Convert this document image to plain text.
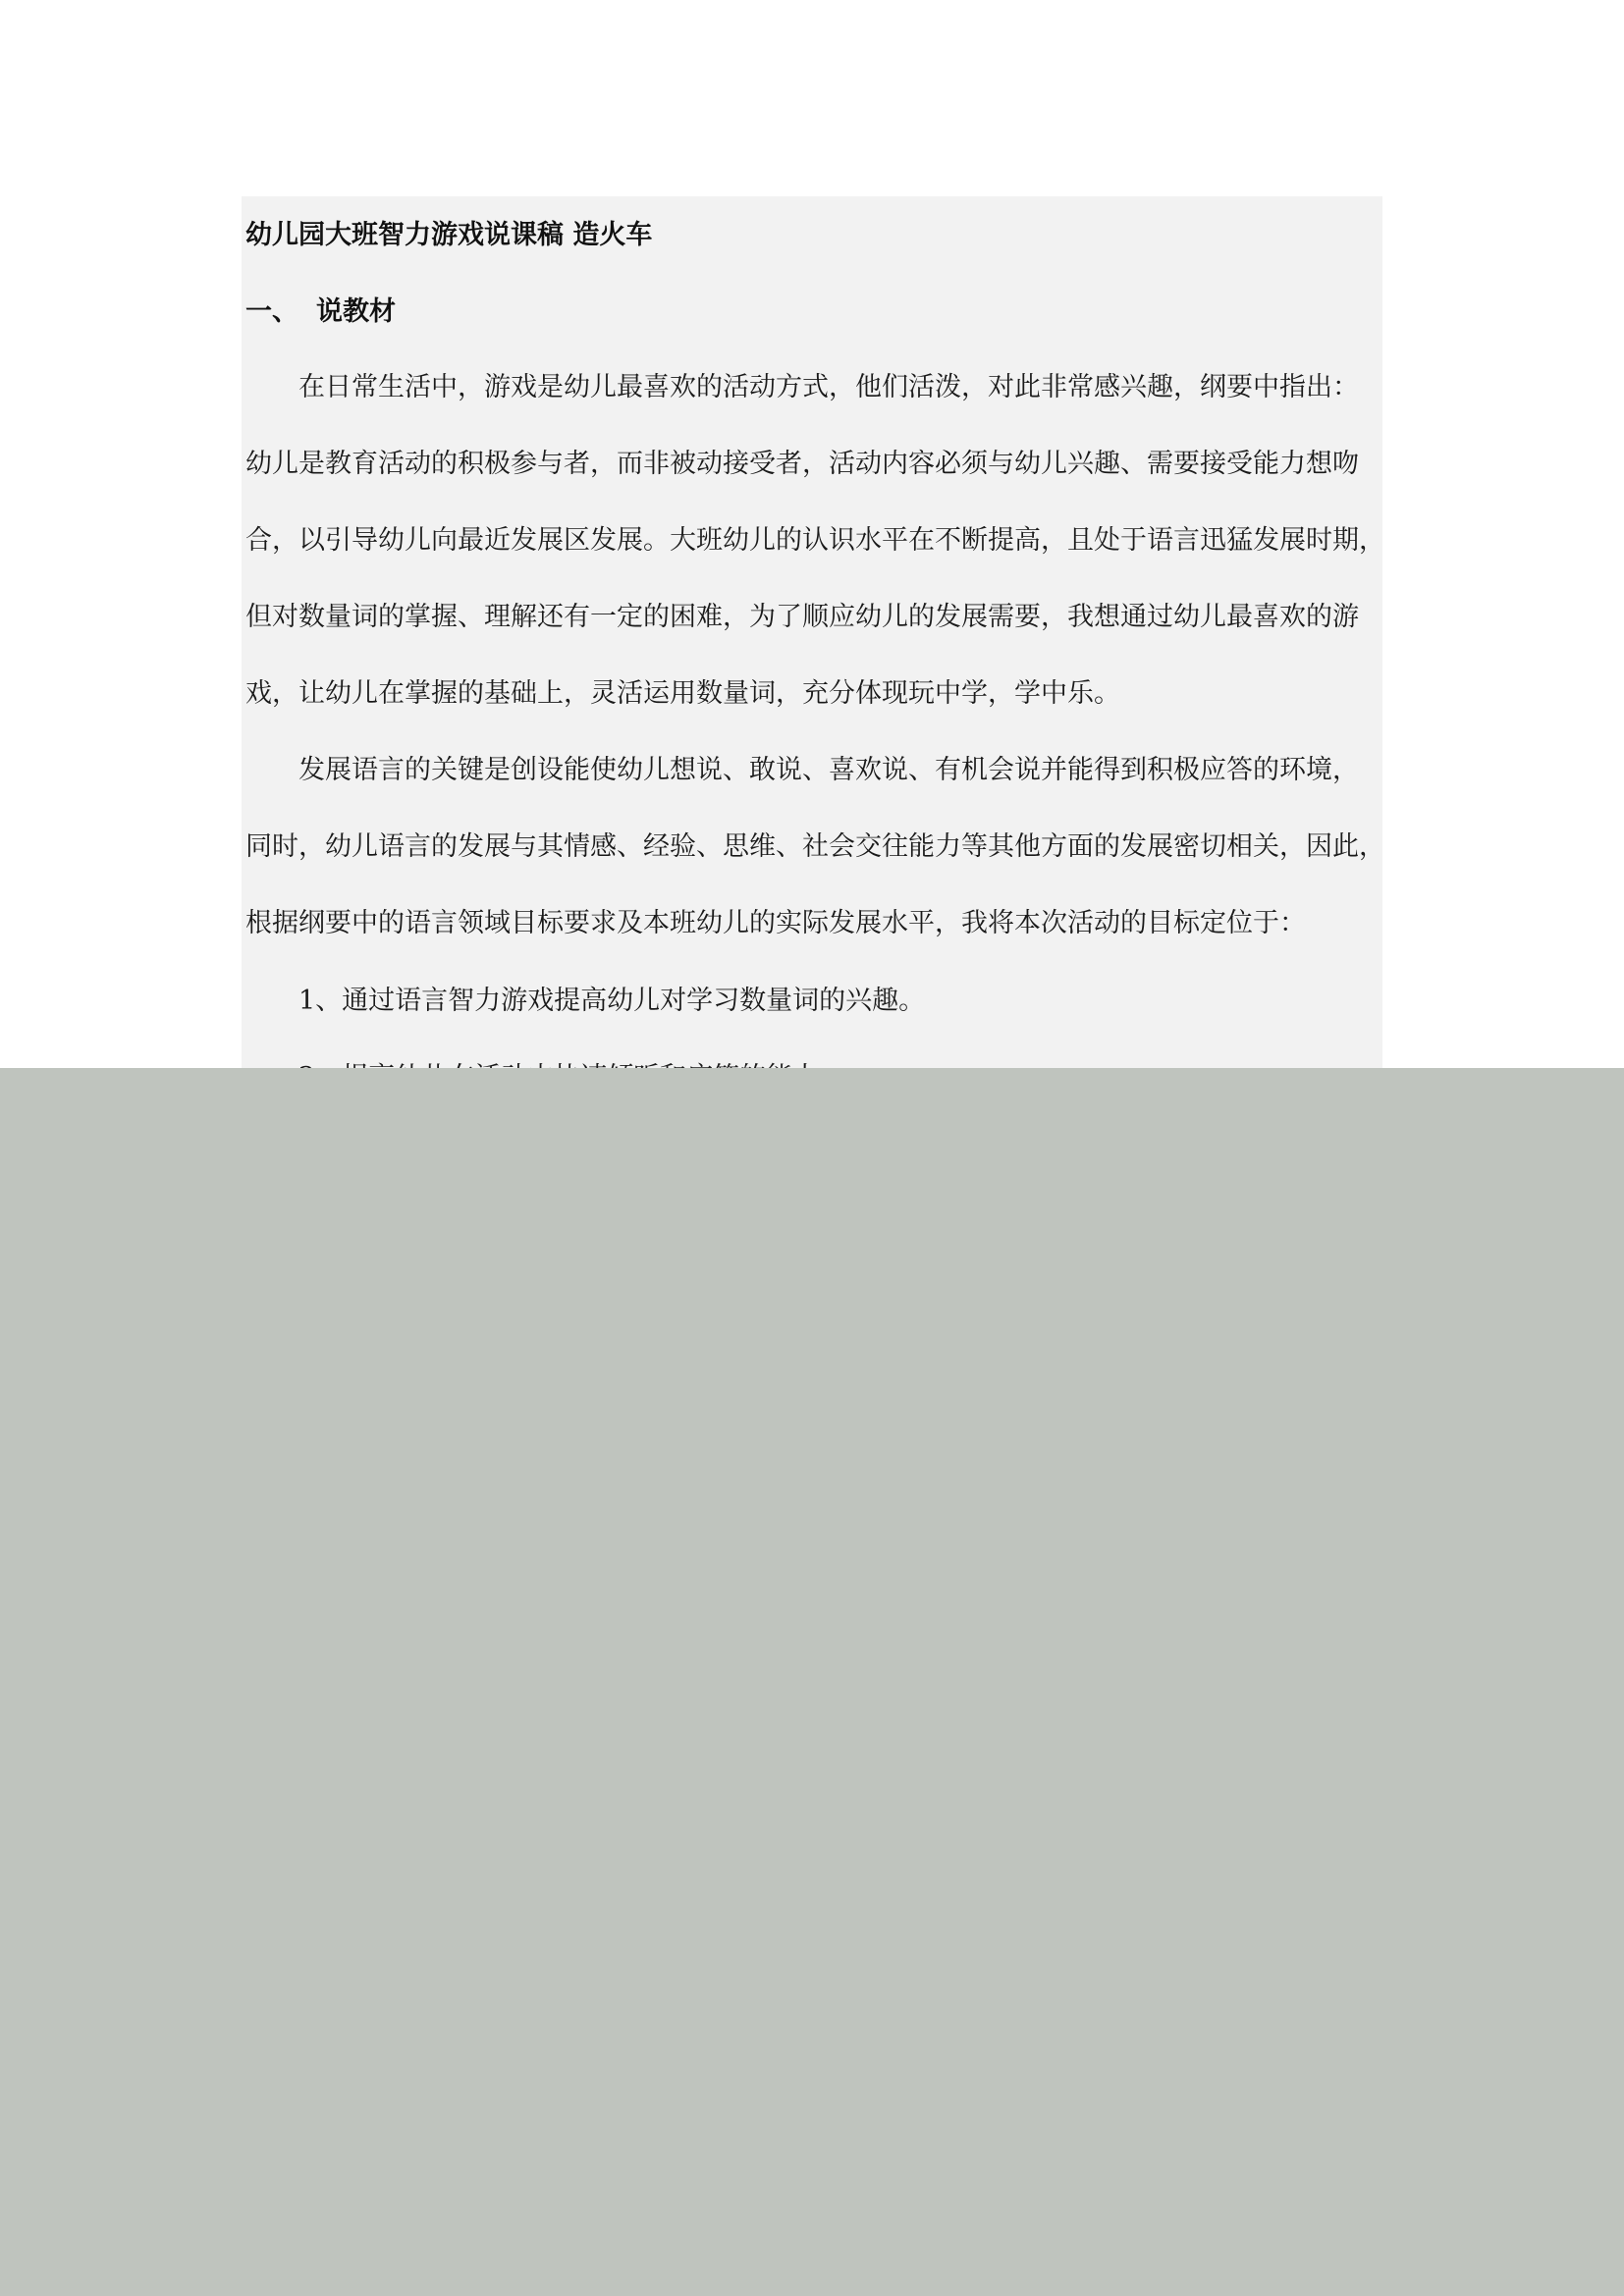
幼儿园大班智力游戏说课稿 造火车
一、 说教材

在日常生活中，游戏是幼儿最喜欢的活动方式，他们活泼，对此非常感兴趣，纲要中指出：
幼儿是教育活动的积极参与者，而非被动接受者，活动内容必须与幼儿兴趣、需要接受能力想吻
合，以引导幼儿向最近发展区发展。大班幼儿的认识水平在不断提高，且处于语言迅猛发展时期，
但对数量词的掌握、理解还有一定的困难，为了顺应幼儿的发展需要，我想通过幼儿最喜欢的游
戏，让幼儿在掌握的基础上，灵活运用数量词，充分体现玩中学，学中乐。

发展语言的关键是创设能使幼儿想说、敢说、喜欢说、有机会说并能得到积极应答的环境，
同时，幼儿语言的发展与其情感、经验、思维、社会交往能力等其他方面的发展密切相关，因此，
根据纲要中的语言领域目标要求及本班幼儿的实际发展水平，我将本次活动的目标定位于：

1、通过语言智力游戏提高幼儿对学习数量词的兴趣。
